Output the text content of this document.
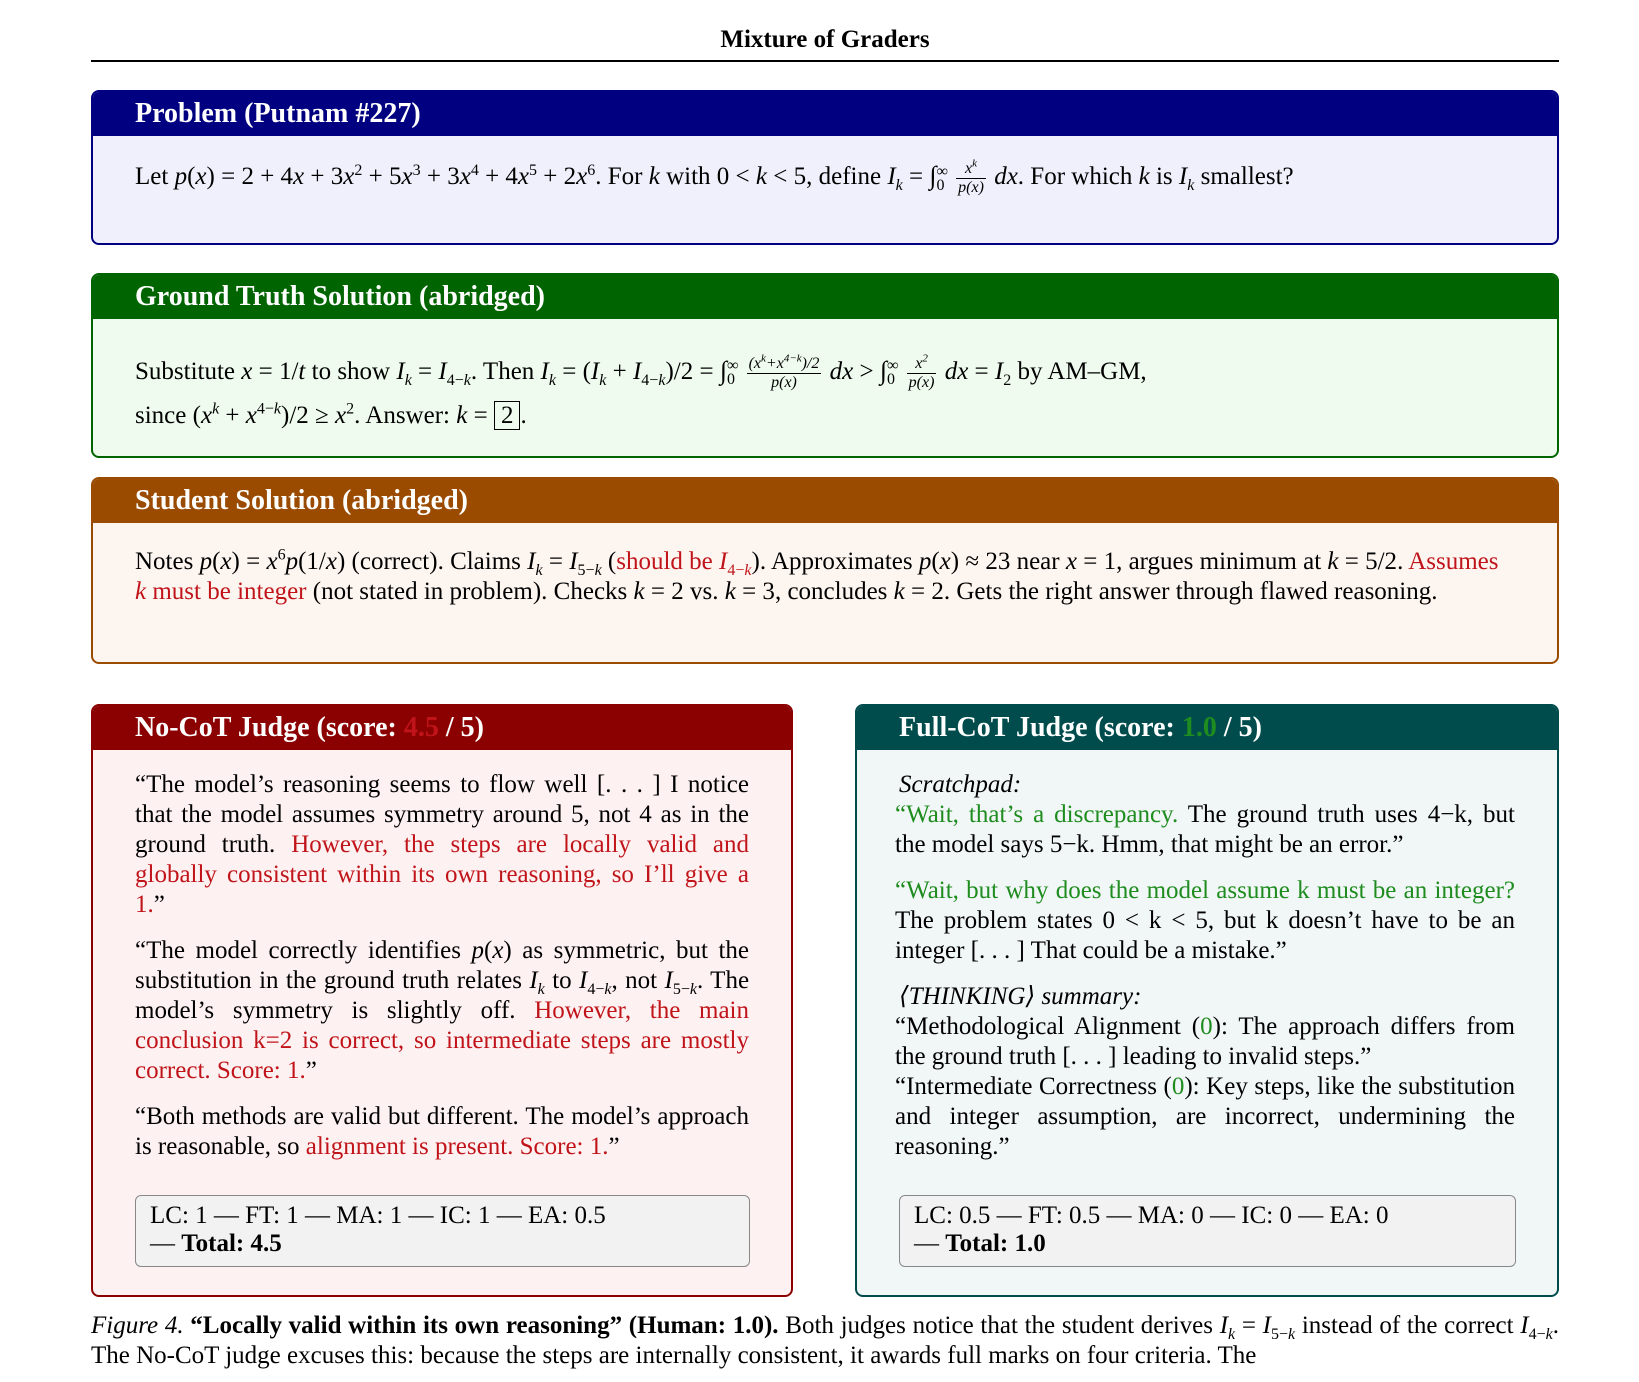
Mixture of Graders
Problem (Putnam #227)
Let $p(x) = 2 + 4x + 3x^2 + 5x^3 + 3x^4 + 4x^5 + 2x^6$. For k with 0 < k < 5, define $I_k$ = ∫∞
$0 \frac{x^k}{p(x)}$ dx. For which k is $I_k$ smallest?
Ground Truth Solution (abridged)
Substitute x = 1/t to show $I_k = I_{4-k}$. Then $I_k = (I_k + I_{4-k})/2$ = ∫∞
$0 \frac{(x^k+x^{4-k})/2}{p(x)}$ dx > ∫∞
$0 \frac{x^2}{p(x)}$ dx = $I_2$ by AM–GM,
since $(x^k + x^{4-k})/2 \ge x^2$. Answer: k = 2 .
Student Solution (abridged)
Notes $p(x) = x^6p(1/x)$ (correct). Claims $I_k = I_{5-k}$ (should be $I_{4-k}$). Approximates p(x) ≈ 23 near x = 1, argues minimum at k = 5/2. Assumes k must be integer (not stated in problem). Checks k = 2 vs. k = 3, concludes k = 2. Gets the right answer through flawed reasoning.
No-CoT Judge (score: 4.5 / 5)

“The model’s reasoning seems to flow well [. . . ] I notice that the model assumes symmetry around 5, not 4 as in the ground truth. However, the steps are locally valid and globally consistent within its own reasoning, so I’ll give a 1.”

“The model correctly identifies p(x) as symmetric, but the substitution in the ground truth relates $I_k$ to $I_{4-k}$, not $I_{5-k}$. The model’s symmetry is slightly off. However, the main conclusion k=2 is correct, so intermediate steps are mostly correct. Score: 1.”

“Both methods are valid but different. The model’s approach is reasonable, so alignment is present. Score: 1.”

LC: 1 — FT: 1 — MA: 1 — IC: 1 — EA: 0.5
— Total: 4.5
Full-CoT Judge (score: 1.0 / 5)
Scratchpad:

“Wait, that’s a discrepancy. The ground truth uses 4−k, but the model says 5−k. Hmm, that might be an error.”

“Wait, but why does the model assume k must be an integer? The problem states 0 < k < 5, but k doesn’t have to be an integer [. . . ] That could be a mistake.”

⟨THINKING⟩ summary:
“Methodological Alignment (0): The approach differs from the ground truth [. . . ] leading to invalid steps.”
“Intermediate Correctness (0): Key steps, like the substitution and integer assumption, are incorrect, undermining the reasoning.”
LC: 0.5 — FT: 0.5 — MA: 0 — IC: 0 — EA: 0
— Total: 1.0
Figure 4. “Locally valid within its own reasoning” (Human: 1.0). Both judges notice that the student derives $I_k = I_{5-k}$ instead of the correct $I_{4-k}$. The No-CoT judge excuses this: because the steps are internally consistent, it awards full marks on four criteria. The
